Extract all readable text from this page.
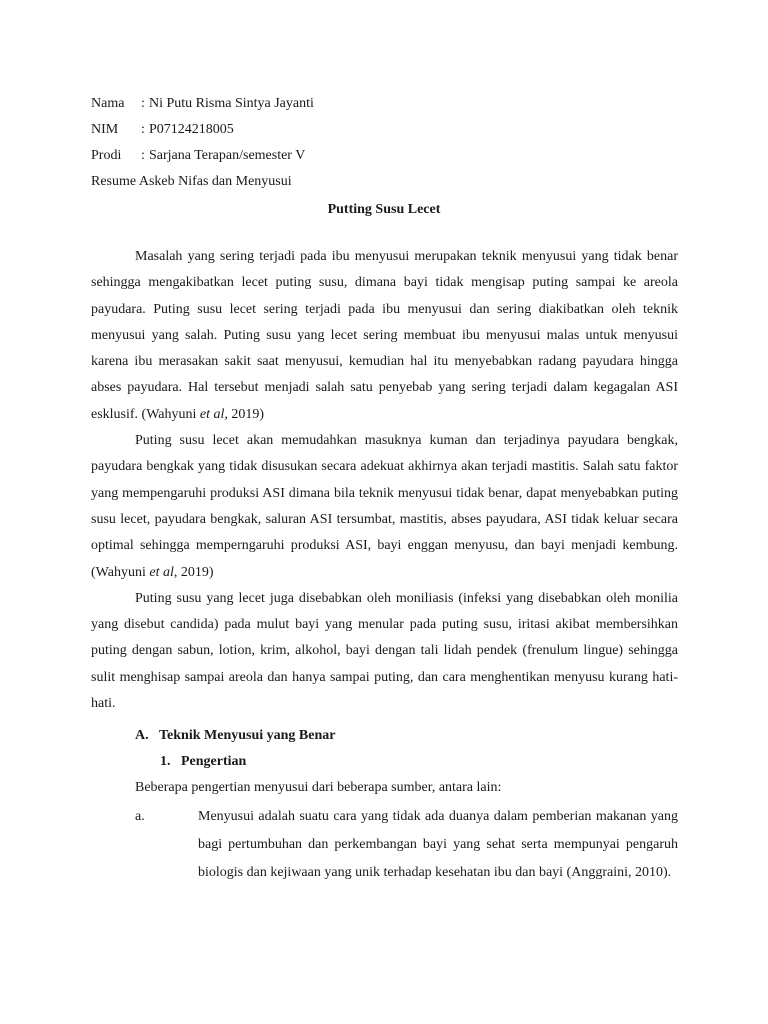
Nama : Ni Putu Risma Sintya Jayanti
NIM : P07124218005
Prodi : Sarjana Terapan/semester V
Resume Askeb Nifas dan Menyusui
Putting Susu Lecet

Masalah yang sering terjadi pada ibu menyusui merupakan teknik menyusui yang tidak benar sehingga mengakibatkan lecet puting susu, dimana bayi tidak mengisap puting sampai ke areola payudara. Puting susu lecet sering terjadi pada ibu menyusui dan sering diakibatkan oleh teknik menyusui yang salah. Puting susu yang lecet sering membuat ibu menyusui malas untuk menyusui karena ibu merasakan sakit saat menyusui, kemudian hal itu menyebabkan radang payudara hingga abses payudara. Hal tersebut menjadi salah satu penyebab yang sering terjadi dalam kegagalan ASI esklusif. (Wahyuni et al, 2019)

Puting susu lecet akan memudahkan masuknya kuman dan terjadinya payudara bengkak, payudara bengkak yang tidak disusukan secara adekuat akhirnya akan terjadi mastitis. Salah satu faktor yang mempengaruhi produksi ASI dimana bila teknik menyusui tidak benar, dapat menyebabkan puting susu lecet, payudara bengkak, saluran ASI tersumbat, mastitis, abses payudara, ASI tidak keluar secara optimal sehingga memperngaruhi produksi ASI, bayi enggan menyusu, dan bayi menjadi kembung. (Wahyuni et al, 2019)

Puting susu yang lecet juga disebabkan oleh moniliasis (infeksi yang disebabkan oleh monilia yang disebut candida) pada mulut bayi yang menular pada puting susu, iritasi akibat membersihkan puting dengan sabun, lotion, krim, alkohol, bayi dengan tali lidah pendek (frenulum lingue) sehingga sulit menghisap sampai areola dan hanya sampai puting, dan cara menghentikan menyusu kurang hati-hati.

A. Teknik Menyusui yang Benar
1. Pengertian
Beberapa pengertian menyusui dari beberapa sumber, antara lain:
a.	Menyusui adalah suatu cara yang tidak ada duanya dalam pemberian makanan yang bagi pertumbuhan dan perkembangan bayi yang sehat serta mempunyai pengaruh biologis dan kejiwaan yang unik terhadap kesehatan ibu dan bayi (Anggraini, 2010).
